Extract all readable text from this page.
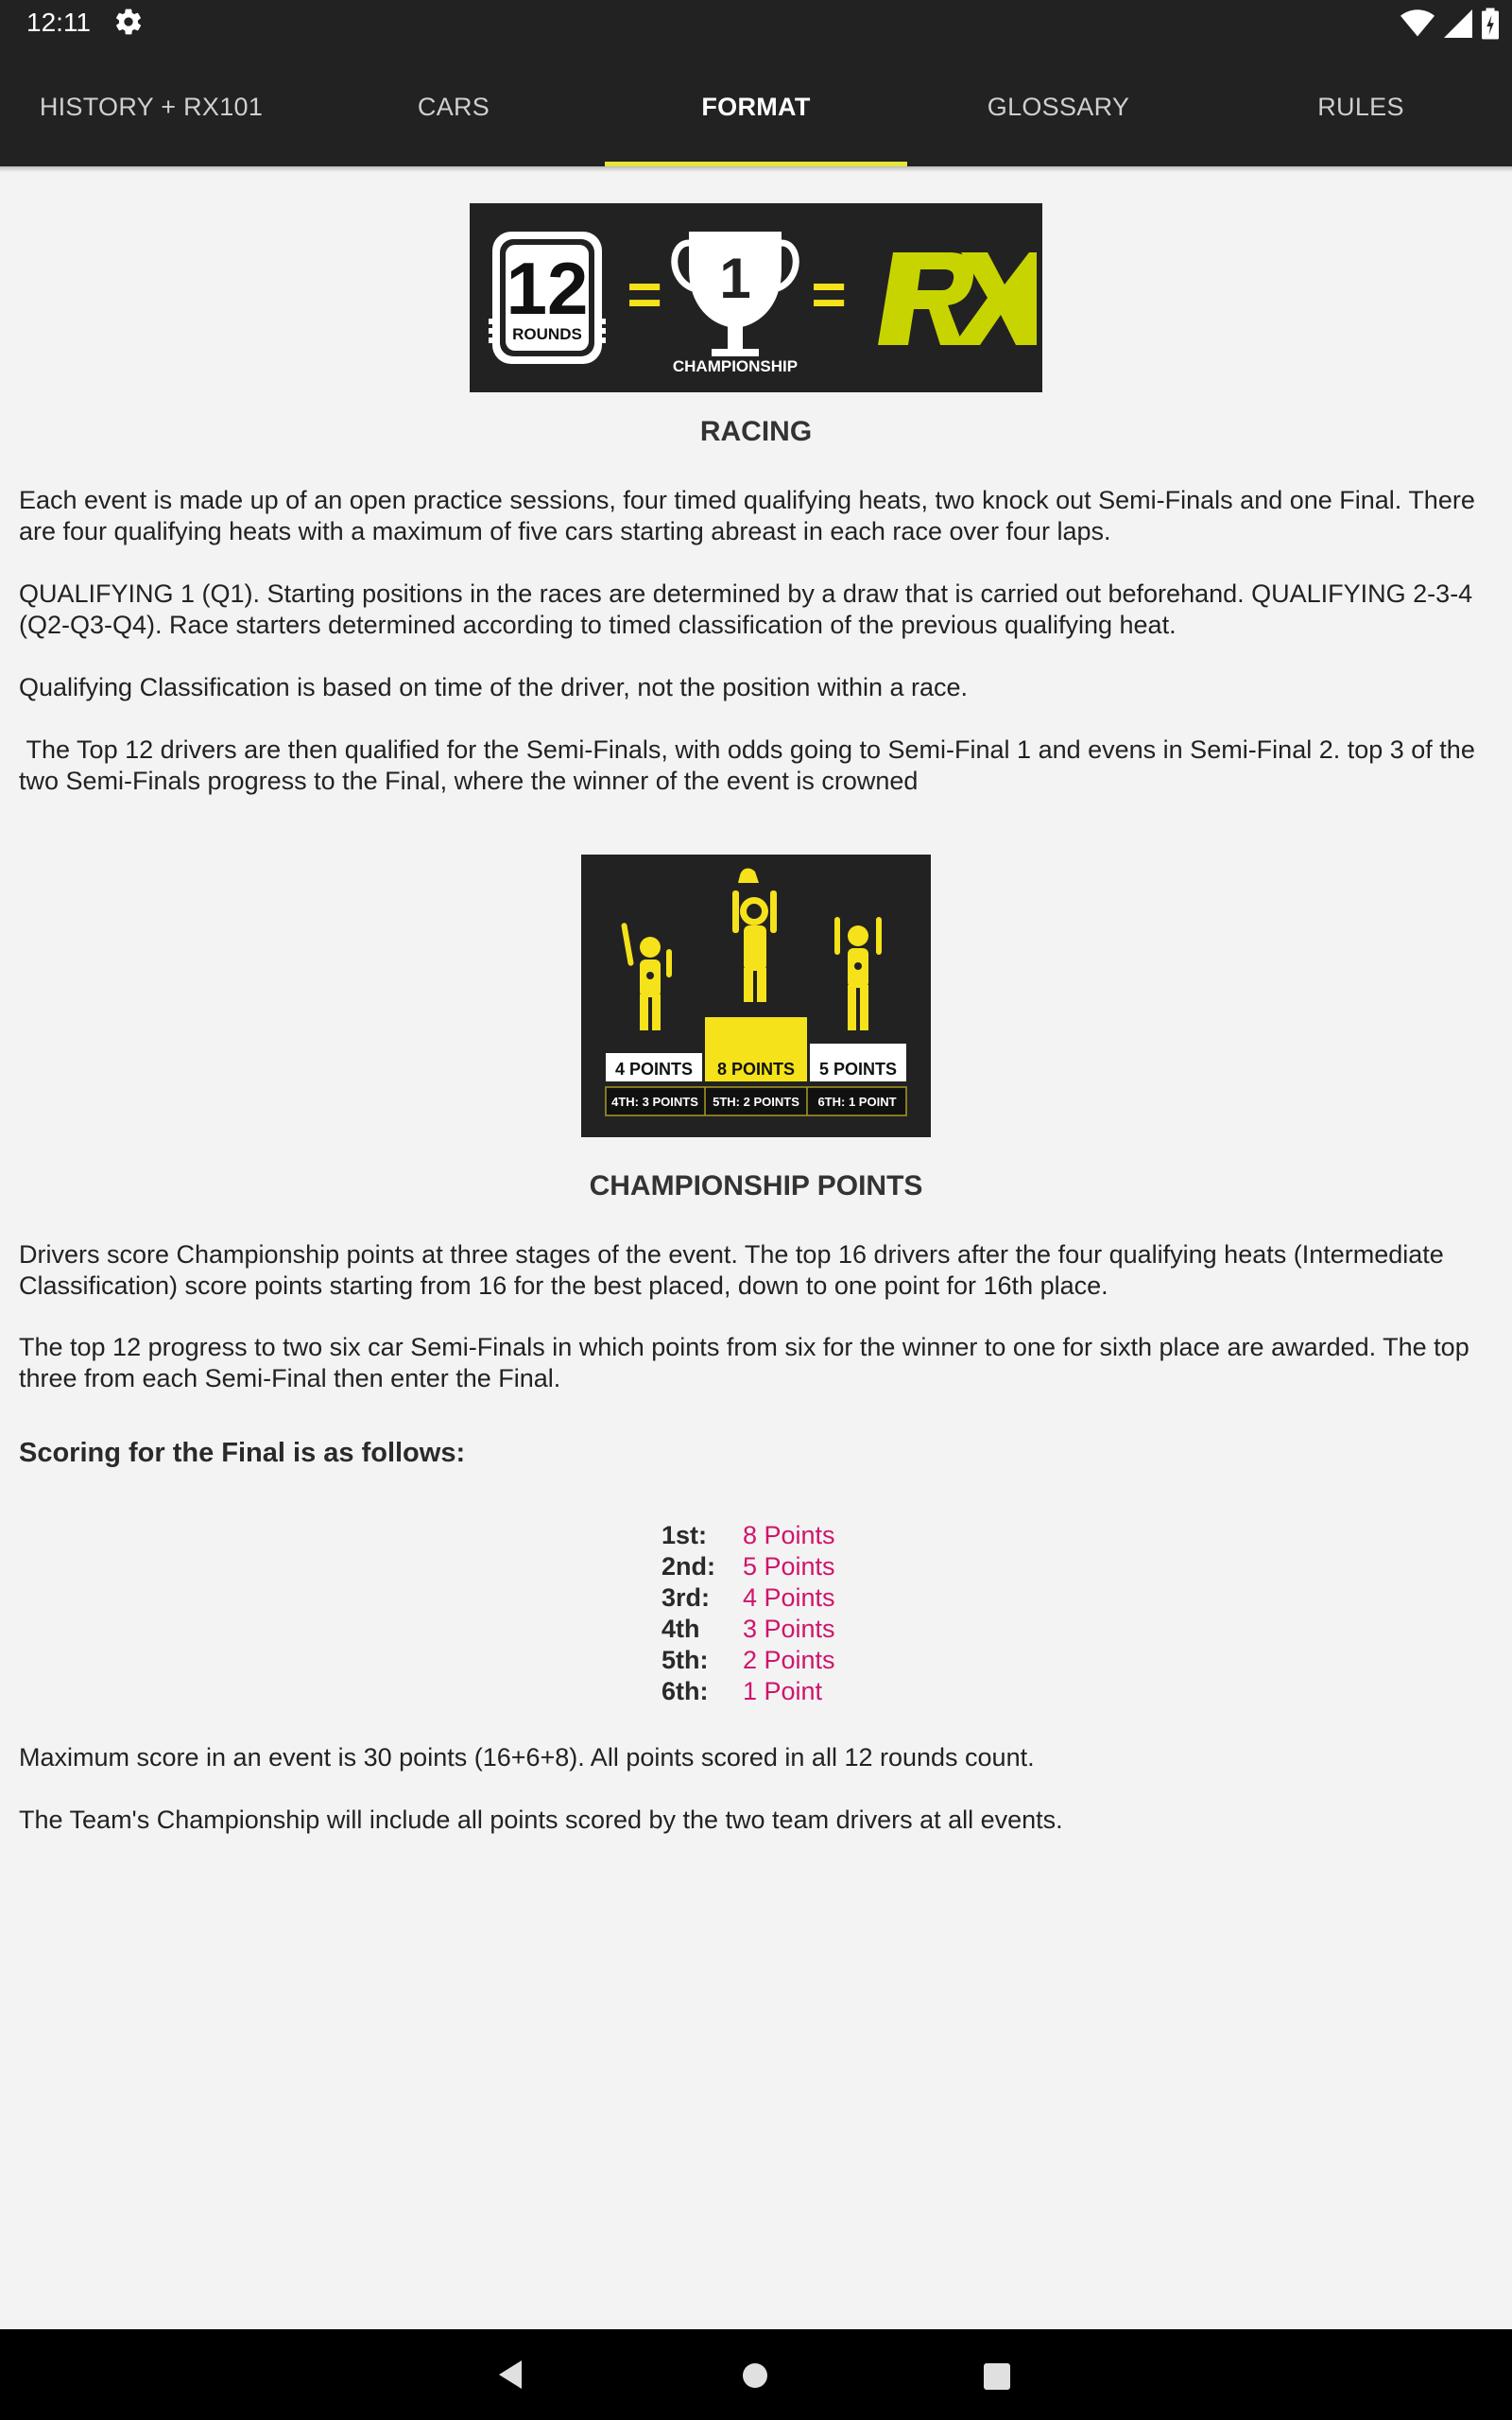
12:11
HISTORY + RX101	CARS	FORMAT	GLOSSARY	RULES
12
ROUNDS
= 1
CHAMPIONSHIP
=
RACING
Each event is made up of an open practice sessions, four timed qualifying heats, two knock out Semi-Finals and one Final. There are four qualifying heats with a maximum of five cars starting abreast in each race over four laps.
QUALIFYING 1 (Q1). Starting positions in the races are determined by a draw that is carried out beforehand. QUALIFYING 2-3-4 (Q2-Q3-Q4). Race starters determined according to timed classification of the previous qualifying heat.
Qualifying Classification is based on time of the driver, not the position within a race.
The Top 12 drivers are then qualified for the Semi-Finals, with odds going to Semi-Final 1 and evens in Semi-Final 2. top 3 of the two Semi-Finals progress to the Final, where the winner of the event is crowned
4 POINTS 8 POINTS 5 POINTS
4TH: 3 POINTS 5TH: 2 POINTS 6TH: 1 POINT
CHAMPIONSHIP POINTS
Drivers score Championship points at three stages of the event. The top 16 drivers after the four qualifying heats (Intermediate Classification) score points starting from 16 for the best placed, down to one point for 16th place.
The top 12 progress to two six car Semi-Finals in which points from six for the winner to one for sixth place are awarded. The top three from each Semi-Final then enter the Final.
Scoring for the Final is as follows:
1st:	8 Points
2nd:	5 Points
3rd:	4 Points
4th	3 Points
5th:	2 Points
6th:	1 Point
Maximum score in an event is 30 points (16+6+8). All points scored in all 12 rounds count.
The Team's Championship will include all points scored by the two team drivers at all events.
